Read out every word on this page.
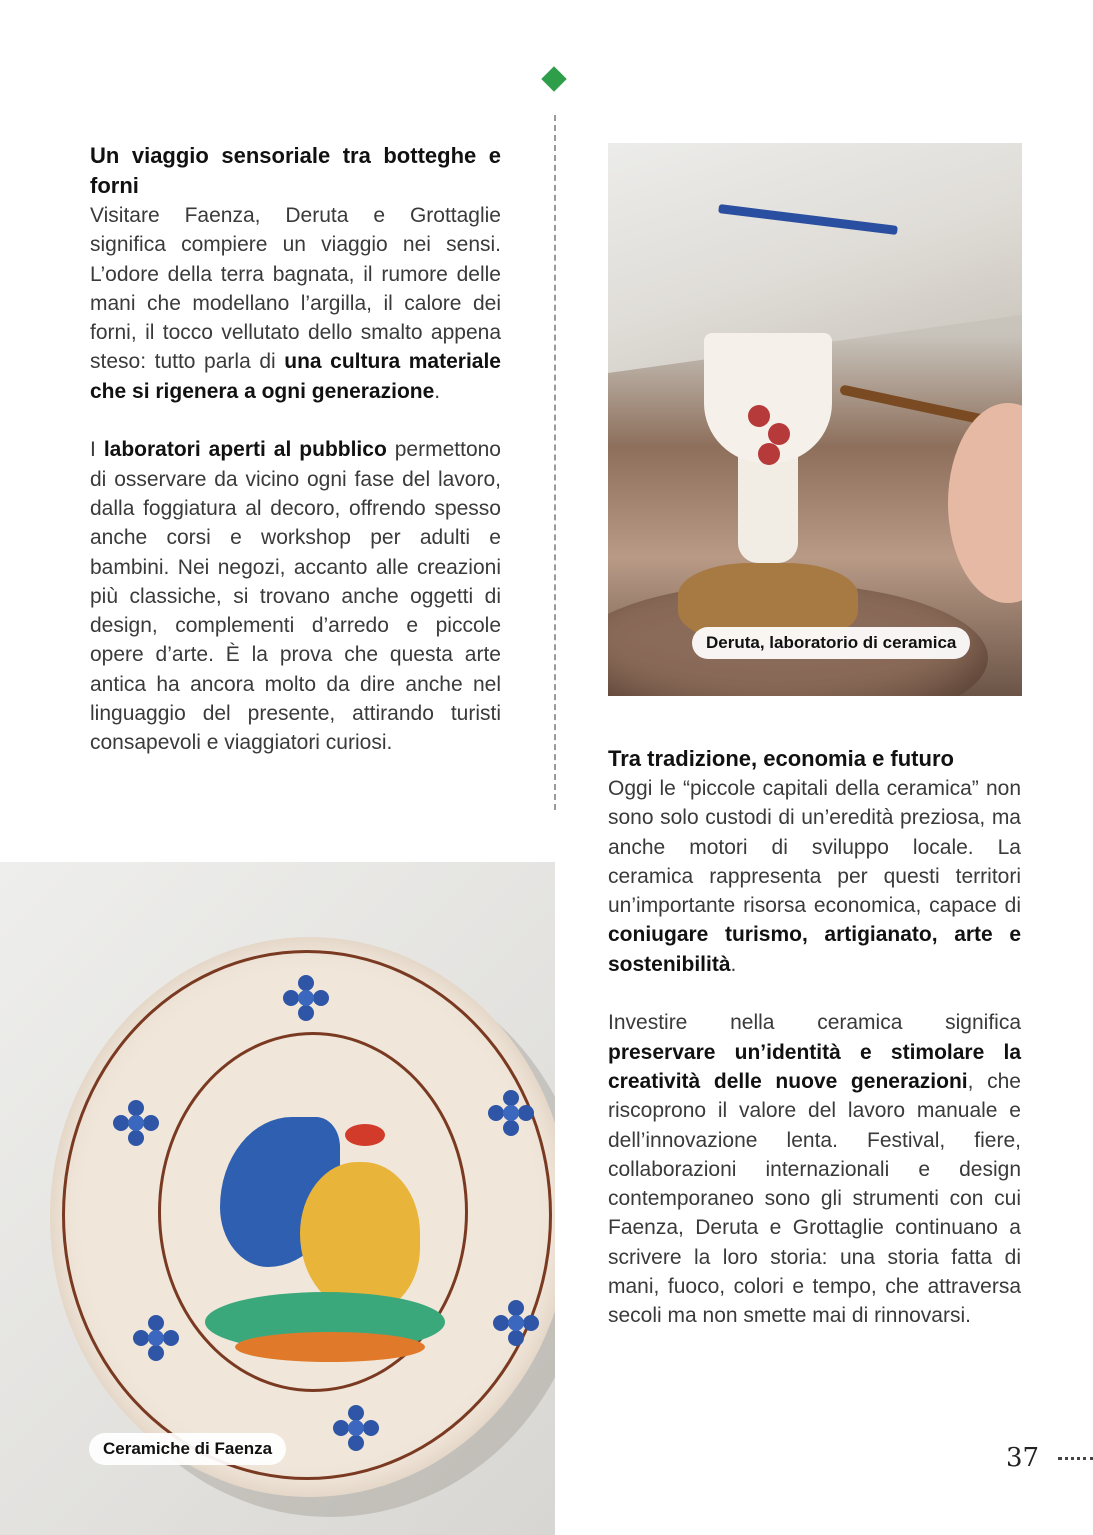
Un viaggio sensoriale tra botteghe e forni

Visitare Faenza, Deruta e Grottaglie significa compiere un viaggio nei sensi. L’odore della terra bagnata, il rumore delle mani che modellano l’argilla, il calore dei forni, il tocco vellutato dello smalto appena steso: tutto parla di una cultura materiale che si rigenera a ogni generazione.

I laboratori aperti al pubblico permettono di osservare da vicino ogni fase del lavoro, dalla foggiatura al decoro, offrendo spesso anche corsi e workshop per adulti e bambini. Nei negozi, accanto alle creazioni più classiche, si trovano anche oggetti di design, complementi d’arredo e piccole opere d’arte. È la prova che questa arte antica ha ancora molto da dire anche nel linguaggio del presente, attirando turisti consapevoli e viaggiatori curiosi.

Deruta, laboratorio di ceramica
Tra tradizione, economia e futuro

Oggi le “piccole capitali della ceramica” non sono solo custodi di un’eredità preziosa, ma anche motori di sviluppo locale. La ceramica rappresenta per questi territori un’importante risorsa economica, capace di coniugare turismo, artigianato, arte e sostenibilità.

Investire nella ceramica significa preservare un’identità e stimolare la creatività delle nuove generazioni, che riscoprono il valore del lavoro manuale e dell’innovazione lenta. Festival, fiere, collaborazioni internazionali e design contemporaneo sono gli strumenti con cui Faenza, Deruta e Grottaglie continuano a scrivere la loro storia: una storia fatta di mani, fuoco, colori e tempo, che attraversa secoli ma non smette mai di rinnovarsi.

Ceramiche di Faenza	37
